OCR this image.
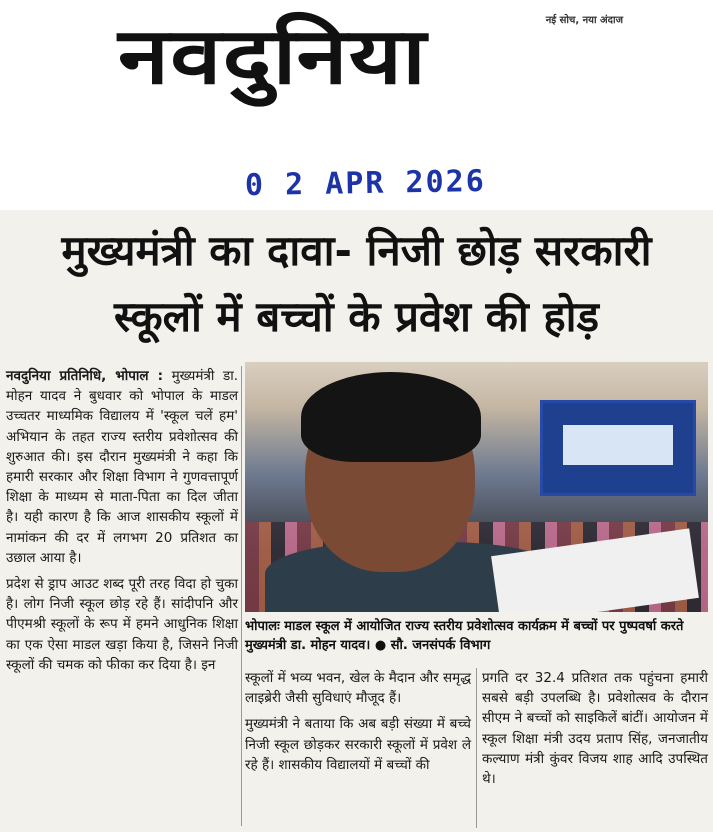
नई सोच, नया अंदाज
नवदुनिया
0 2 APR 2026
मुख्यमंत्री का दावा- निजी छोड़ सरकारी
स्कूलों में बच्चों के प्रवेश की होड़

नवदुनिया प्रतिनिधि, भोपाल : मुख्यमंत्री डा. मोहन यादव ने बुधवार को भोपाल के माडल उच्चतर माध्यमिक विद्यालय में 'स्कूल चलें हम' अभियान के तहत राज्य स्तरीय प्रवेशोत्सव की शुरुआत की। इस दौरान मुख्यमंत्री ने कहा कि हमारी सरकार और शिक्षा विभाग ने गुणवत्तापूर्ण शिक्षा के माध्यम से माता-पिता का दिल जीता है। यही कारण है कि आज शासकीय स्कूलों में नामांकन की दर में लगभग 20 प्रतिशत का उछाल आया है।

प्रदेश से ड्राप आउट शब्द पूरी तरह विदा हो चुका है। लोग निजी स्कूल छोड़ रहे हैं। सांदीपनि और पीएमश्री स्कूलों के रूप में हमने आधुनिक शिक्षा का एक ऐसा माडल खड़ा किया है, जिसने निजी स्कूलों की चमक को फीका कर दिया है। इन

भोपालः माडल स्कूल में आयोजित राज्य स्तरीय प्रवेशोत्सव कार्यक्रम में बच्चों पर पुष्पवर्षा करते मुख्यमंत्री डा. मोहन यादव। ● सौ. जनसंपर्क विभाग

स्कूलों में भव्य भवन, खेल के मैदान और समृद्ध लाइब्रेरी जैसी सुविधाएं मौजूद हैं।

मुख्यमंत्री ने बताया कि अब बड़ी संख्या में बच्चे निजी स्कूल छोड़कर सरकारी स्कूलों में प्रवेश ले रहे हैं। शासकीय विद्यालयों में बच्चों की

प्रगति दर 32.4 प्रतिशत तक पहुंचना हमारी सबसे बड़ी उपलब्धि है। प्रवेशोत्सव के दौरान सीएम ने बच्चों को साइकिलें बांटीं। आयोजन में स्कूल शिक्षा मंत्री उदय प्रताप सिंह, जनजातीय कल्याण मंत्री कुंवर विजय शाह आदि उपस्थित थे।
